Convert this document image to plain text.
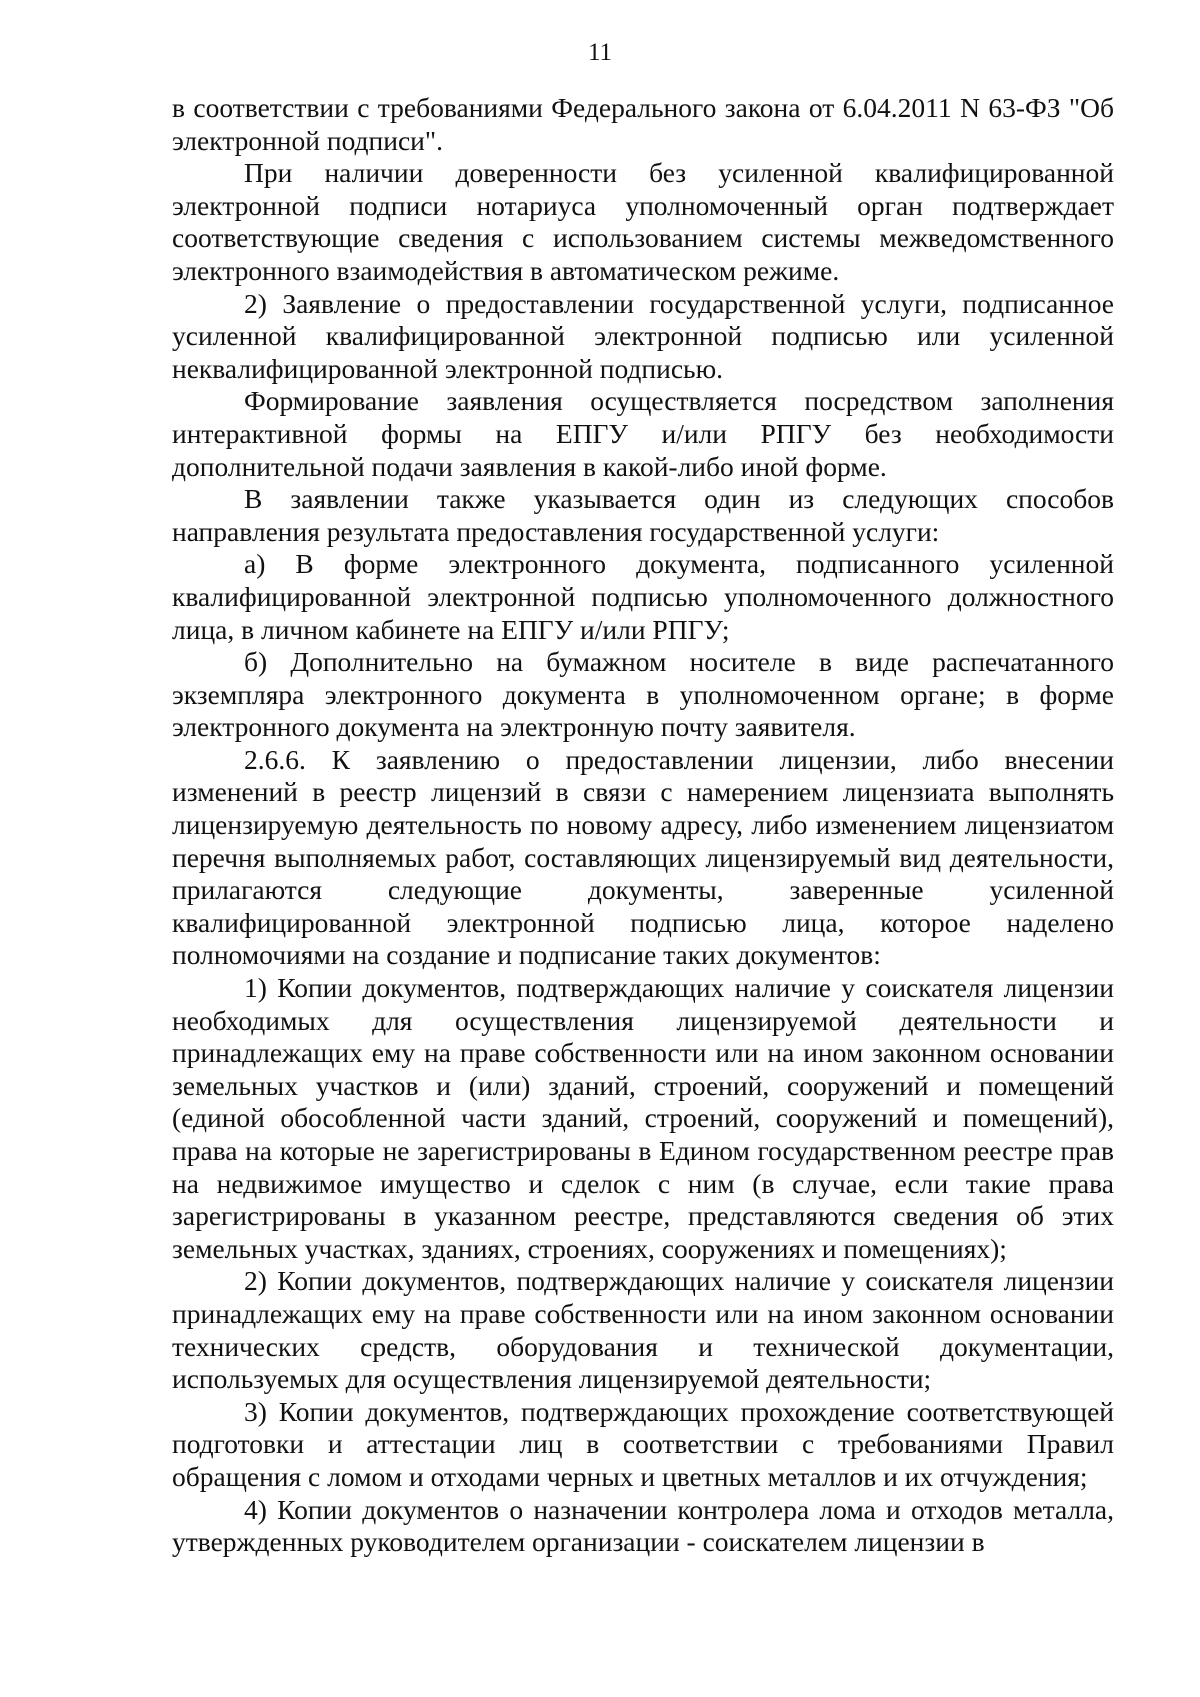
11

в соответствии с требованиями Федерального закона от 6.04.2011 N 63-ФЗ "Об электронной подписи".

При наличии доверенности без усиленной квалифицированной электронной подписи нотариуса уполномоченный орган подтверждает соответствующие сведения с использованием системы межведомственного электронного взаимодействия в автоматическом режиме.

2) Заявление о предоставлении государственной услуги, подписанное усиленной квалифицированной электронной подписью или усиленной неквалифицированной электронной подписью.

Формирование заявления осуществляется посредством заполнения интерактивной формы на ЕПГУ и/или РПГУ без необходимости дополнительной подачи заявления в какой-либо иной форме.

В заявлении также указывается один из следующих способов направления результата предоставления государственной услуги:

а) В форме электронного документа, подписанного усиленной квалифицированной электронной подписью уполномоченного должностного лица, в личном кабинете на ЕПГУ и/или РПГУ;

б) Дополнительно на бумажном носителе в виде распечатанного экземпляра электронного документа в уполномоченном органе; в форме электронного документа на электронную почту заявителя.

2.6.6. К заявлению о предоставлении лицензии, либо внесении изменений в реестр лицензий в связи с намерением лицензиата выполнять лицензируемую деятельность по новому адресу, либо изменением лицензиатом перечня выполняемых работ, составляющих лицензируемый вид деятельности, прилагаются следующие документы, заверенные усиленной квалифицированной электронной подписью лица, которое наделено полномочиями на создание и подписание таких документов:

1) Копии документов, подтверждающих наличие у соискателя лицензии необходимых для осуществления лицензируемой деятельности и принадлежащих ему на праве собственности или на ином законном основании земельных участков и (или) зданий, строений, сооружений и помещений (единой обособленной части зданий, строений, сооружений и помещений), права на которые не зарегистрированы в Едином государственном реестре прав на недвижимое имущество и сделок с ним (в случае, если такие права зарегистрированы в указанном реестре, представляются сведения об этих земельных участках, зданиях, строениях, сооружениях и помещениях);

2) Копии документов, подтверждающих наличие у соискателя лицензии принадлежащих ему на праве собственности или на ином законном основании технических средств, оборудования и технической документации, используемых для осуществления лицензируемой деятельности;

3) Копии документов, подтверждающих прохождение соответствующей подготовки и аттестации лиц в соответствии с требованиями Правил обращения с ломом и отходами черных и цветных металлов и их отчуждения;

4) Копии документов о назначении контролера лома и отходов металла, утвержденных руководителем организации - соискателем лицензии в
